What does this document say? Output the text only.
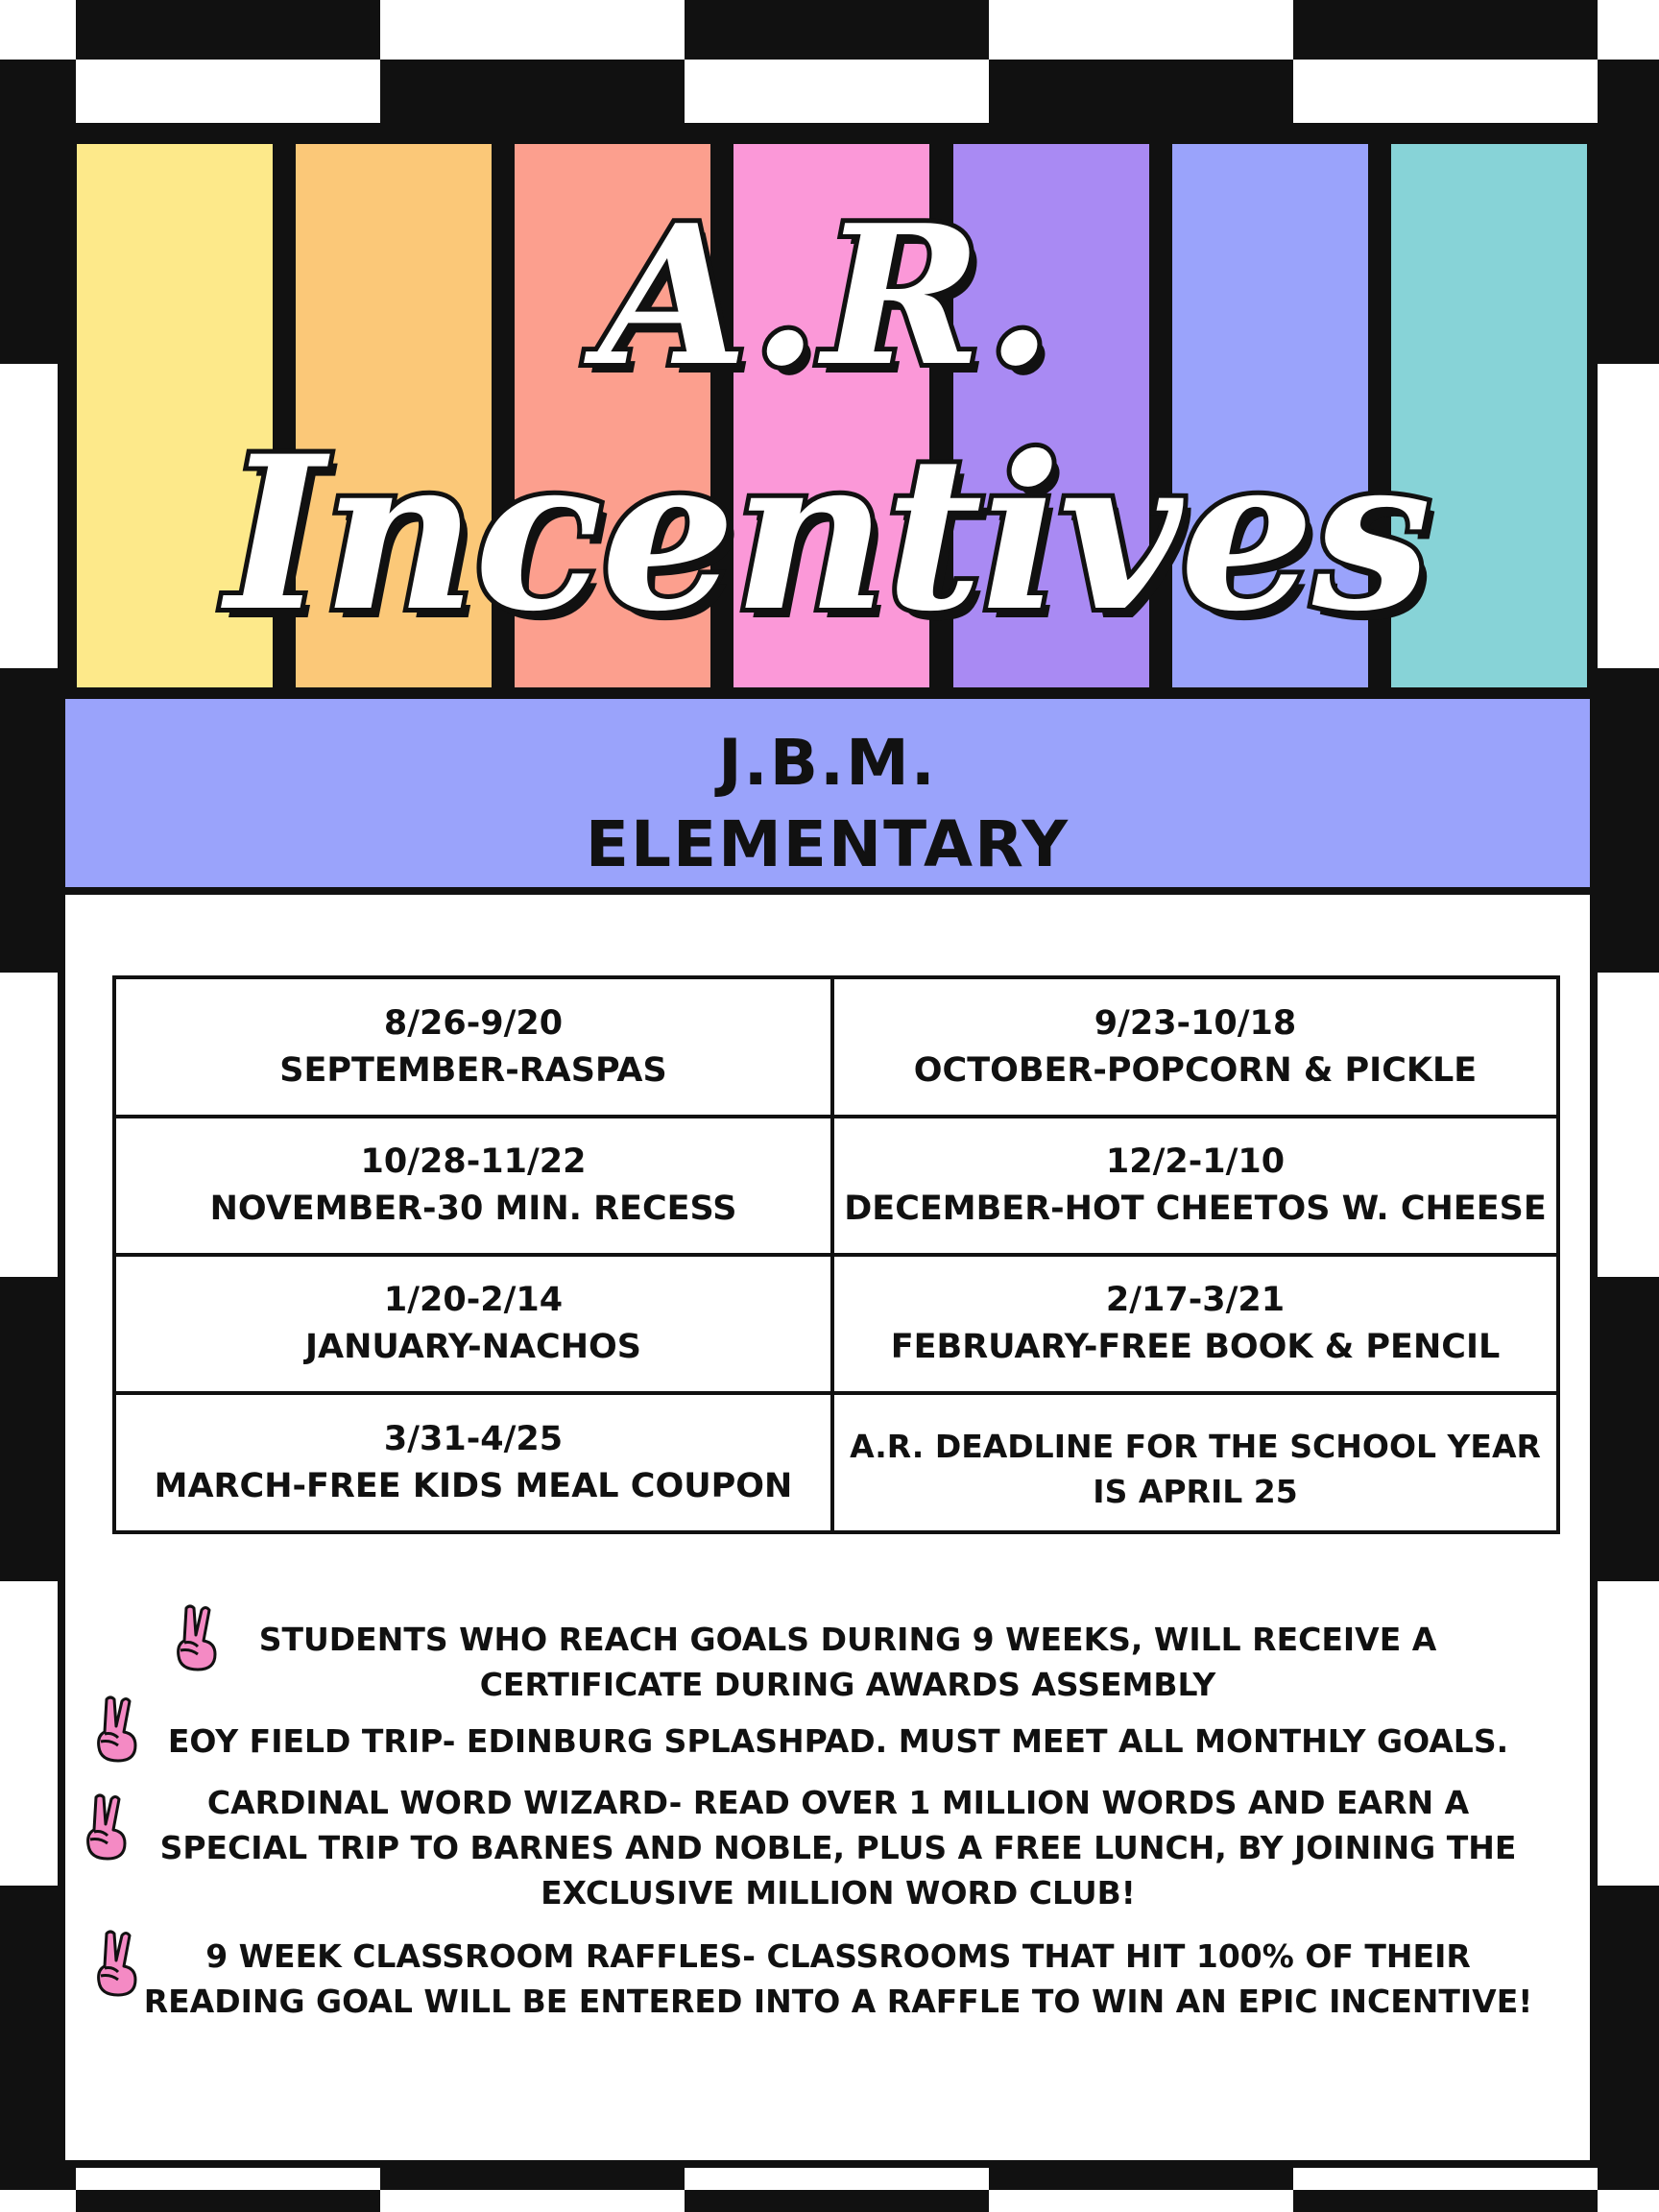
A.R.
Incentives
J.B.M.
ELEMENTARY
8/26-9/20
SEPTEMBER-RASPAS
9/23-10/18
OCTOBER-POPCORN & PICKLE
10/28-11/22
NOVEMBER-30 MIN. RECESS
12/2-1/10
DECEMBER-HOT CHEETOS W. CHEESE
1/20-2/14
JANUARY-NACHOS
2/17-3/21
FEBRUARY-FREE BOOK & PENCIL
3/31-4/25
MARCH-FREE KIDS MEAL COUPON
A.R. DEADLINE FOR THE SCHOOL YEAR
IS APRIL 25
STUDENTS WHO REACH GOALS DURING 9 WEEKS, WILL RECEIVE A
CERTIFICATE DURING AWARDS ASSEMBLY
EOY FIELD TRIP- EDINBURG SPLASHPAD. MUST MEET ALL MONTHLY GOALS.
CARDINAL WORD WIZARD- READ OVER 1 MILLION WORDS AND EARN A
SPECIAL TRIP TO BARNES AND NOBLE, PLUS A FREE LUNCH, BY JOINING THE
EXCLUSIVE MILLION WORD CLUB!
9 WEEK CLASSROOM RAFFLES- CLASSROOMS THAT HIT 100% OF THEIR
READING GOAL WILL BE ENTERED INTO A RAFFLE TO WIN AN EPIC INCENTIVE!
